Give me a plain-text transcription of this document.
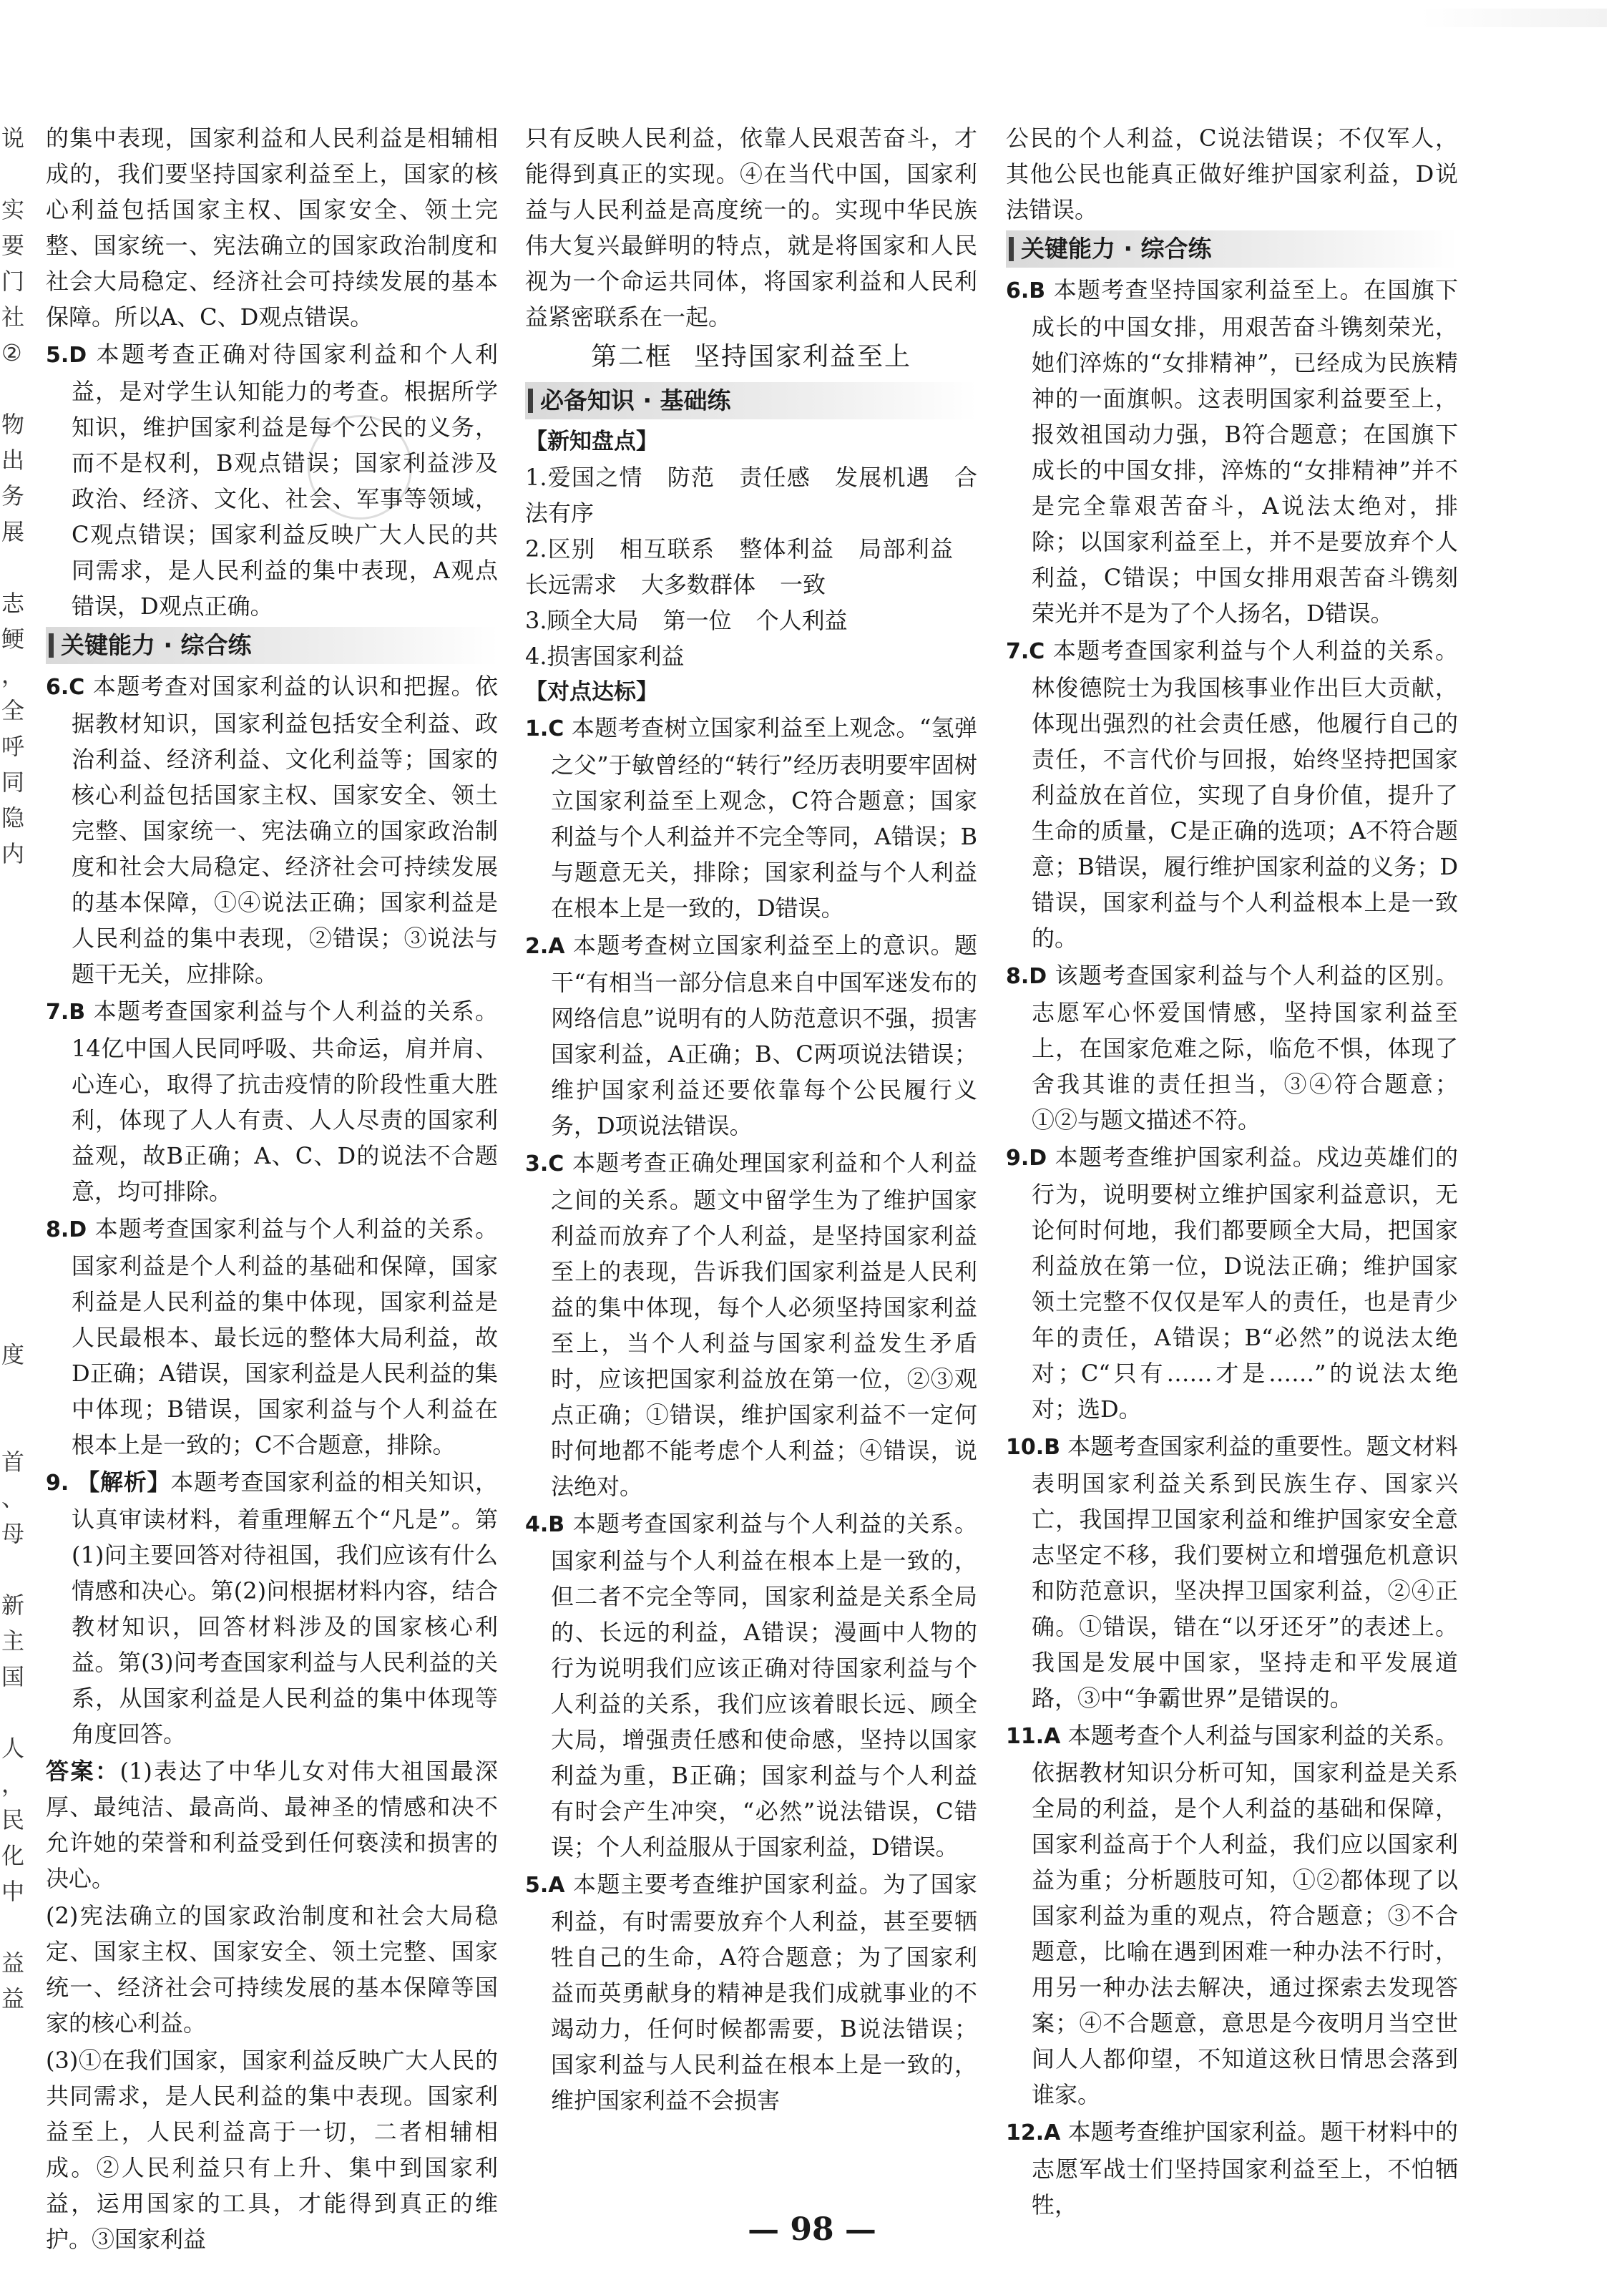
说
实
要
门
社
②
物
出
务
展
志
鲠
，
全
呼
同
隐
内
度
首
、
母
新
主
国
人
，
民
化
中
益
益

的集中表现，国家利益和人民利益是相辅相成的，我们要坚持国家利益至上，国家的核心利益包括国家主权、国家安全、领土完整、国家统一、宪法确立的国家政治制度和社会大局稳定、经济社会可持续发展的基本保障。所以A、C、D观点错误。

5.D 本题考查正确对待国家利益和个人利益，是对学生认知能力的考查。根据所学知识，维护国家利益是每个公民的义务，而不是权利，B观点错误；国家利益涉及政治、经济、文化、社会、军事等领域，C观点错误；国家利益反映广大人民的共同需求，是人民利益的集中表现，A观点错误，D观点正确。

关键能力 · 综合练

6.C 本题考查对国家利益的认识和把握。依据教材知识，国家利益包括安全利益、政治利益、经济利益、文化利益等；国家的核心利益包括国家主权、国家安全、领土完整、国家统一、宪法确立的国家政治制度和社会大局稳定、经济社会可持续发展的基本保障，①④说法正确；国家利益是人民利益的集中表现，②错误；③说法与题干无关，应排除。

7.B 本题考查国家利益与个人利益的关系。14亿中国人民同呼吸、共命运，肩并肩、心连心，取得了抗击疫情的阶段性重大胜利，体现了人人有责、人人尽责的国家利益观，故B正确；A、C、D的说法不合题意，均可排除。

8.D 本题考查国家利益与个人利益的关系。国家利益是个人利益的基础和保障，国家利益是人民利益的集中体现，国家利益是人民最根本、最长远的整体大局利益，故D正确；A错误，国家利益是人民利益的集中体现；B错误，国家利益与个人利益在根本上是一致的；C不合题意，排除。

9. 【解析】本题考查国家利益的相关知识，认真审读材料，着重理解五个“凡是”。第(1)问主要回答对待祖国，我们应该有什么情感和决心。第(2)问根据材料内容，结合教材知识，回答材料涉及的国家核心利益。第(3)问考查国家利益与人民利益的关系，从国家利益是人民利益的集中体现等角度回答。

答案：(1)表达了中华儿女对伟大祖国最深厚、最纯洁、最高尚、最神圣的情感和决不允许她的荣誉和利益受到任何亵渎和损害的决心。

(2)宪法确立的国家政治制度和社会大局稳定、国家主权、国家安全、领土完整、国家统一、经济社会可持续发展的基本保障等国家的核心利益。

(3)①在我们国家，国家利益反映广大人民的共同需求，是人民利益的集中表现。国家利益至上，人民利益高于一切，二者相辅相成。②人民利益只有上升、集中到国家利益，运用国家的工具，才能得到真正的维护。③国家利益

只有反映人民利益，依靠人民艰苦奋斗，才能得到真正的实现。④在当代中国，国家利益与人民利益是高度统一的。实现中华民族伟大复兴最鲜明的特点，就是将国家和人民视为一个命运共同体，将国家利益和人民利益紧密联系在一起。

第二框 坚持国家利益至上
必备知识 · 基础练

【新知盘点】

1.爱国之情 防范 责任感 发展机遇 合法有序

2.区别 相互联系 整体利益 局部利益长远需求 大多数群体 一致

3.顾全大局 第一位 个人利益

4.损害国家利益

【对点达标】

1.C 本题考查树立国家利益至上观念。“氢弹之父”于敏曾经的“转行”经历表明要牢固树立国家利益至上观念，C符合题意；国家利益与个人利益并不完全等同，A错误；B与题意无关，排除；国家利益与个人利益在根本上是一致的，D错误。

2.A 本题考查树立国家利益至上的意识。题干“有相当一部分信息来自中国军迷发布的网络信息”说明有的人防范意识不强，损害国家利益，A正确；B、C两项说法错误；维护国家利益还要依靠每个公民履行义务，D项说法错误。

3.C 本题考查正确处理国家利益和个人利益之间的关系。题文中留学生为了维护国家利益而放弃了个人利益，是坚持国家利益至上的表现，告诉我们国家利益是人民利益的集中体现，每个人必须坚持国家利益至上，当个人利益与国家利益发生矛盾时，应该把国家利益放在第一位，②③观点正确；①错误，维护国家利益不一定何时何地都不能考虑个人利益；④错误，说法绝对。

4.B 本题考查国家利益与个人利益的关系。国家利益与个人利益在根本上是一致的，但二者不完全等同，国家利益是关系全局的、长远的利益，A错误；漫画中人物的行为说明我们应该正确对待国家利益与个人利益的关系，我们应该着眼长远、顾全大局，增强责任感和使命感，坚持以国家利益为重，B正确；国家利益与个人利益有时会产生冲突，“必然”说法错误，C错误；个人利益服从于国家利益，D错误。

5.A 本题主要考查维护国家利益。为了国家利益，有时需要放弃个人利益，甚至要牺牲自己的生命，A符合题意；为了国家利益而英勇献身的精神是我们成就事业的不竭动力，任何时候都需要，B说法错误；国家利益与人民利益在根本上是一致的，维护国家利益不会损害

公民的个人利益，C说法错误；不仅军人，其他公民也能真正做好维护国家利益，D说法错误。

关键能力 · 综合练

6.B 本题考查坚持国家利益至上。在国旗下成长的中国女排，用艰苦奋斗镌刻荣光，她们淬炼的“女排精神”，已经成为民族精神的一面旗帜。这表明国家利益要至上，报效祖国动力强，B符合题意；在国旗下成长的中国女排，淬炼的“女排精神”并不是完全靠艰苦奋斗，A说法太绝对，排除；以国家利益至上，并不是要放弃个人利益，C错误；中国女排用艰苦奋斗镌刻荣光并不是为了个人扬名，D错误。

7.C 本题考查国家利益与个人利益的关系。林俊德院士为我国核事业作出巨大贡献，体现出强烈的社会责任感，他履行自己的责任，不言代价与回报，始终坚持把国家利益放在首位，实现了自身价值，提升了生命的质量，C是正确的选项；A不符合题意；B错误，履行维护国家利益的义务；D错误，国家利益与个人利益根本上是一致的。

8.D 该题考查国家利益与个人利益的区别。志愿军心怀爱国情感，坚持国家利益至上，在国家危难之际，临危不惧，体现了舍我其谁的责任担当，③④符合题意；①②与题文描述不符。

9.D 本题考查维护国家利益。戍边英雄们的行为，说明要树立维护国家利益意识，无论何时何地，我们都要顾全大局，把国家利益放在第一位，D说法正确；维护国家领土完整不仅仅是军人的责任，也是青少年的责任，A错误；B“必然”的说法太绝对；C“只有……才是……”的说法太绝对；选D。

10.B 本题考查国家利益的重要性。题文材料表明国家利益关系到民族生存、国家兴亡，我国捍卫国家利益和维护国家安全意志坚定不移，我们要树立和增强危机意识和防范意识，坚决捍卫国家利益，②④正确。①错误，错在“以牙还牙”的表述上。我国是发展中国家，坚持走和平发展道路，③中“争霸世界”是错误的。

11.A 本题考查个人利益与国家利益的关系。依据教材知识分析可知，国家利益是关系全局的利益，是个人利益的基础和保障，国家利益高于个人利益，我们应以国家利益为重；分析题肢可知，①②都体现了以国家利益为重的观点，符合题意；③不合题意，比喻在遇到困难一种办法不行时，用另一种办法去解决，通过探索去发现答案；④不合题意，意思是今夜明月当空世间人人都仰望，不知道这秋日情思会落到谁家。

12.A 本题考查维护国家利益。题干材料中的志愿军战士们坚持国家利益至上，不怕牺牲，

— 98 —
